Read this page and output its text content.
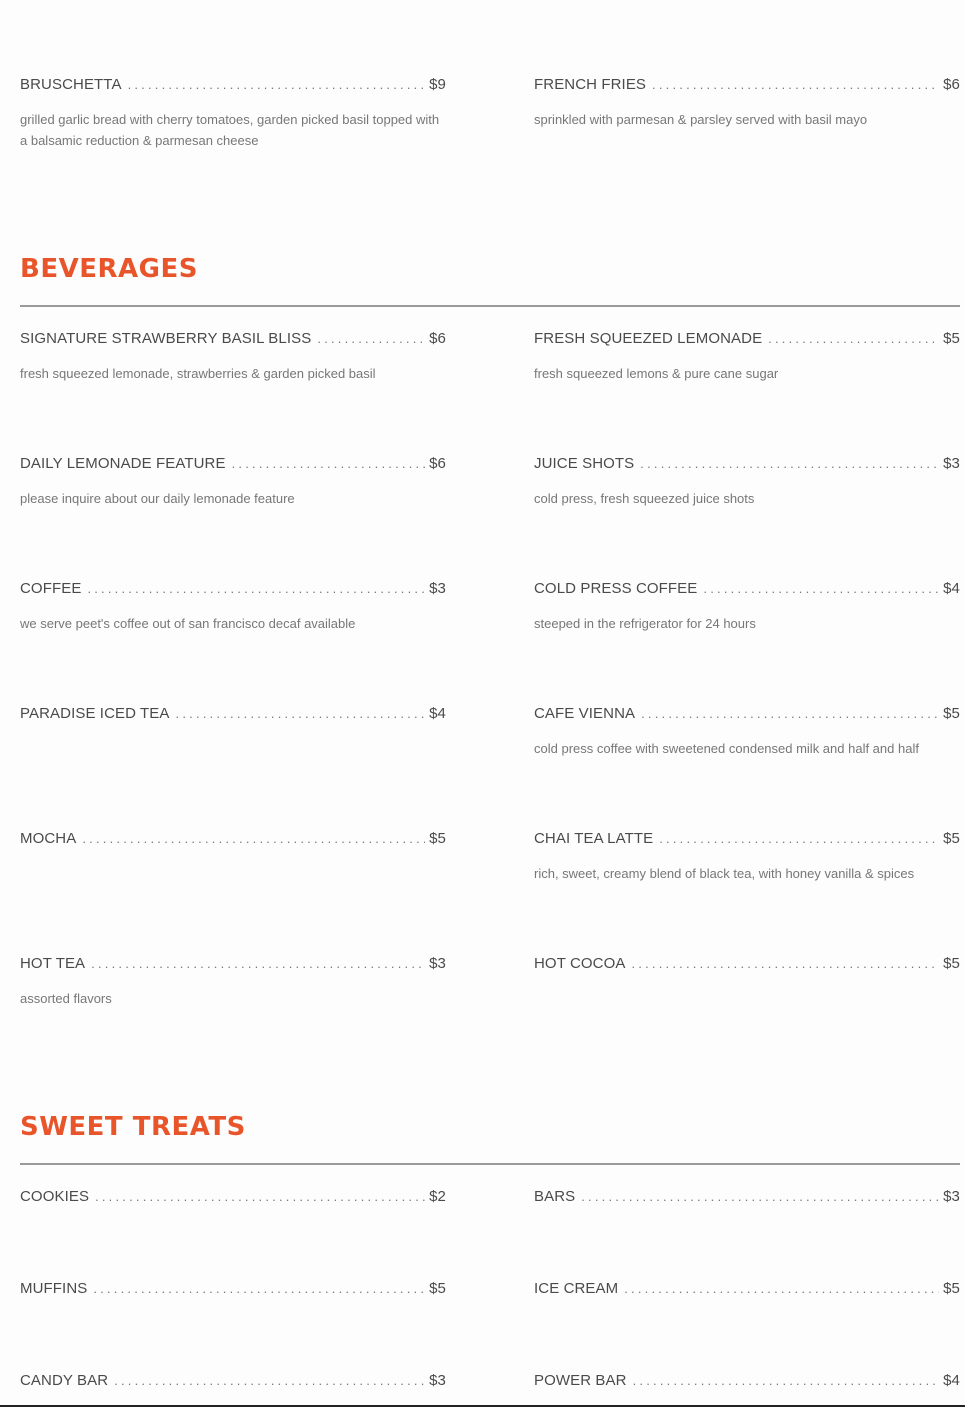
BRUSCHETTA .....	$9
grilled garlic bread with cherry tomatoes, garden picked basil topped with a balsamic reduction & parmesan cheese
FRENCH FRIES .....	$6
sprinkled with parmesan & parsley served with basil mayo
BEVERAGES
SIGNATURE STRAWBERRY BASIL BLISS .....	$6
fresh squeezed lemonade, strawberries & garden picked basil
FRESH SQUEEZED LEMONADE .....	$5
fresh squeezed lemons & pure cane sugar
DAILY LEMONADE FEATURE .....	$6
please inquire about our daily lemonade feature
JUICE SHOTS .....	$3
cold press, fresh squeezed juice shots
COFFEE .....	$3
we serve peet's coffee out of san francisco decaf available
COLD PRESS COFFEE .....	$4
steeped in the refrigerator for 24 hours
PARADISE ICED TEA .....	$4	CAFE VIENNA .....	$5
cold press coffee with sweetened condensed milk and half and half
MOCHA .....	$5	CHAI TEA LATTE .....	$5
rich, sweet, creamy blend of black tea, with honey vanilla & spices
HOT TEA .....	$3
assorted flavors
HOT COCOA .....	$5
SWEET TREATS
COOKIES .....	$2	BARS .....	$3
MUFFINS .....	$5	ICE CREAM .....	$5
CANDY BAR .....	$3	POWER BAR .....	$4
